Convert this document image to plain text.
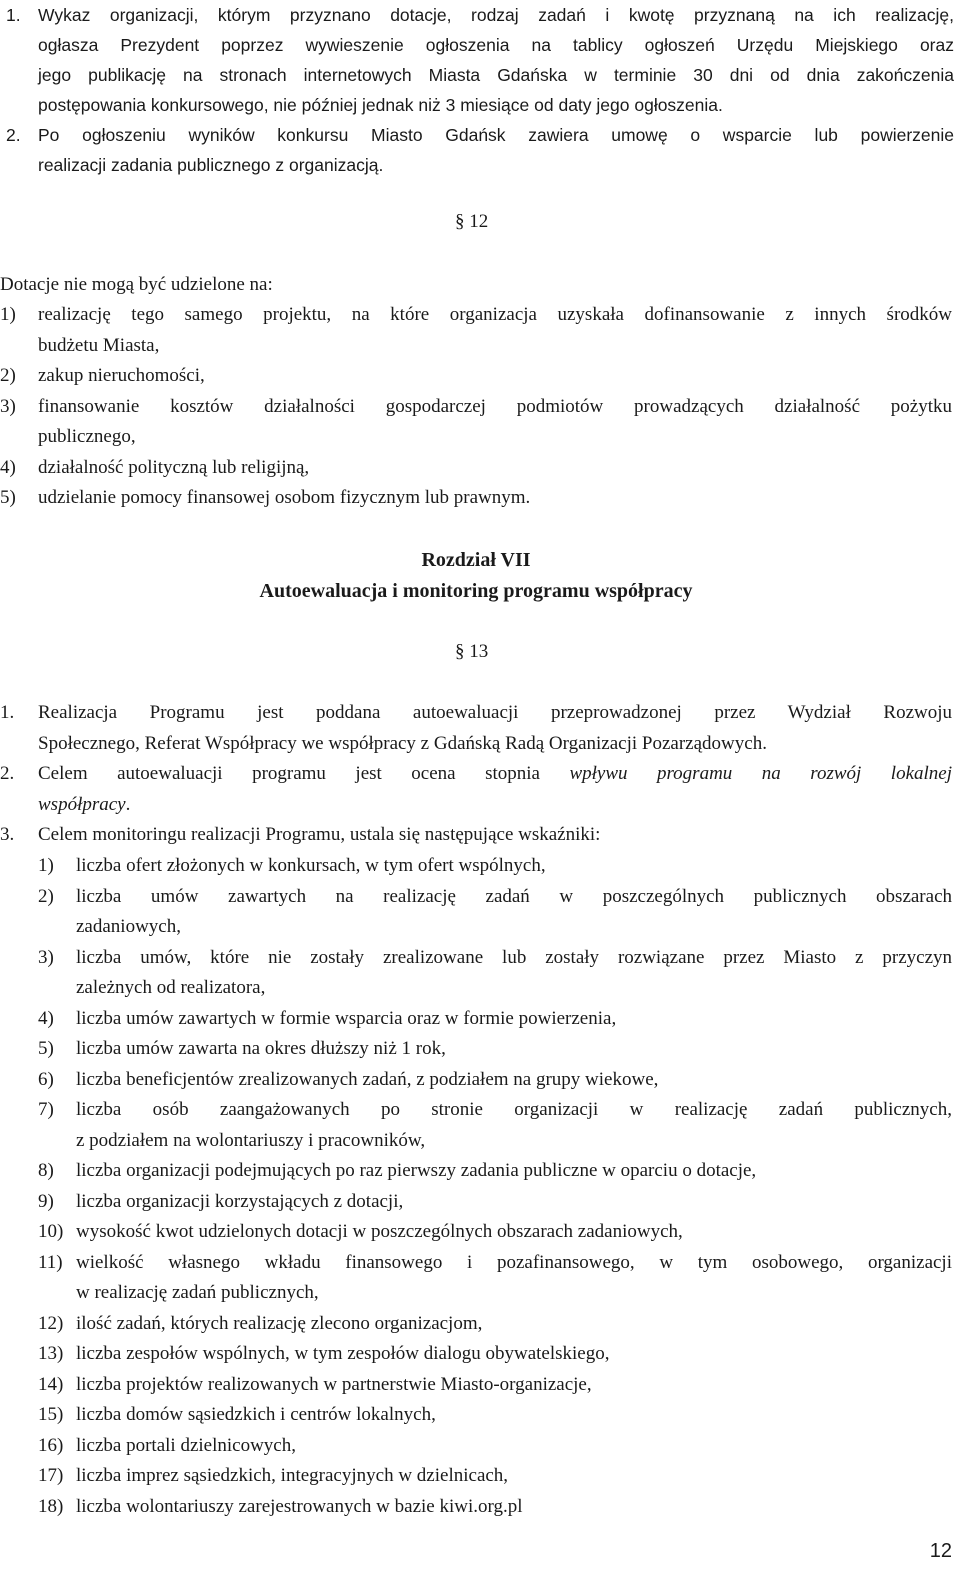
1. Wykaz organizacji, którym przyznano dotacje, rodzaj zadań i kwotę przyznaną na ich realizację,
ogłasza Prezydent poprzez wywieszenie ogłoszenia na tablicy ogłoszeń Urzędu Miejskiego oraz
jego publikację na stronach internetowych Miasta Gdańska w terminie 30 dni od dnia zakończenia
postępowania konkursowego, nie później jednak niż 3 miesiące od daty jego ogłoszenia.
2. Po ogłoszeniu wyników konkursu Miasto Gdańsk zawiera umowę o wsparcie lub powierzenie
realizacji zadania publicznego z organizacją.
§ 12
Dotacje nie mogą być udzielone na:
1) realizację tego samego projektu, na które organizacja uzyskała dofinansowanie z innych środków
budżetu Miasta,
2) zakup nieruchomości,
3) finansowanie kosztów działalności gospodarczej podmiotów prowadzących działalność pożytku
publicznego,
4) działalność polityczną lub religijną,
5) udzielanie pomocy finansowej osobom fizycznym lub prawnym.
Rozdział VII
Autoewaluacja i monitoring programu współpracy
§ 13
1. Realizacja Programu jest poddana autoewaluacji przeprowadzonej przez Wydział Rozwoju
Społecznego, Referat Współpracy we współpracy z Gdańską Radą Organizacji Pozarządowych.
2. Celem autoewaluacji programu jest ocena stopnia wpływu programu na rozwój lokalnej
współpracy.
3. Celem monitoringu realizacji Programu, ustala się następujące wskaźniki:
1) liczba ofert złożonych w konkursach, w tym ofert wspólnych,
2) liczba umów zawartych na realizację zadań w poszczególnych publicznych obszarach
zadaniowych,
3) liczba umów, które nie zostały zrealizowane lub zostały rozwiązane przez Miasto z przyczyn
zależnych od realizatora,
4) liczba umów zawartych w formie wsparcia oraz w formie powierzenia,
5) liczba umów zawarta na okres dłuższy niż 1 rok,
6) liczba beneficjentów zrealizowanych zadań, z podziałem na grupy wiekowe,
7) liczba osób zaangażowanych po stronie organizacji w realizację zadań publicznych,
z podziałem na wolontariuszy i pracowników,
8) liczba organizacji podejmujących po raz pierwszy zadania publiczne w oparciu o dotacje,
9) liczba organizacji korzystających z dotacji,
10) wysokość kwot udzielonych dotacji w poszczególnych obszarach zadaniowych,
11) wielkość własnego wkładu finansowego i pozafinansowego, w tym osobowego, organizacji
w realizację zadań publicznych,
12) ilość zadań, których realizację zlecono organizacjom,
13) liczba zespołów wspólnych, w tym zespołów dialogu obywatelskiego,
14) liczba projektów realizowanych w partnerstwie Miasto-organizacje,
15) liczba domów sąsiedzkich i centrów lokalnych,
16) liczba portali dzielnicowych,
17) liczba imprez sąsiedzkich, integracyjnych w dzielnicach,
18) liczba wolontariuszy zarejestrowanych w bazie kiwi.org.pl
12
